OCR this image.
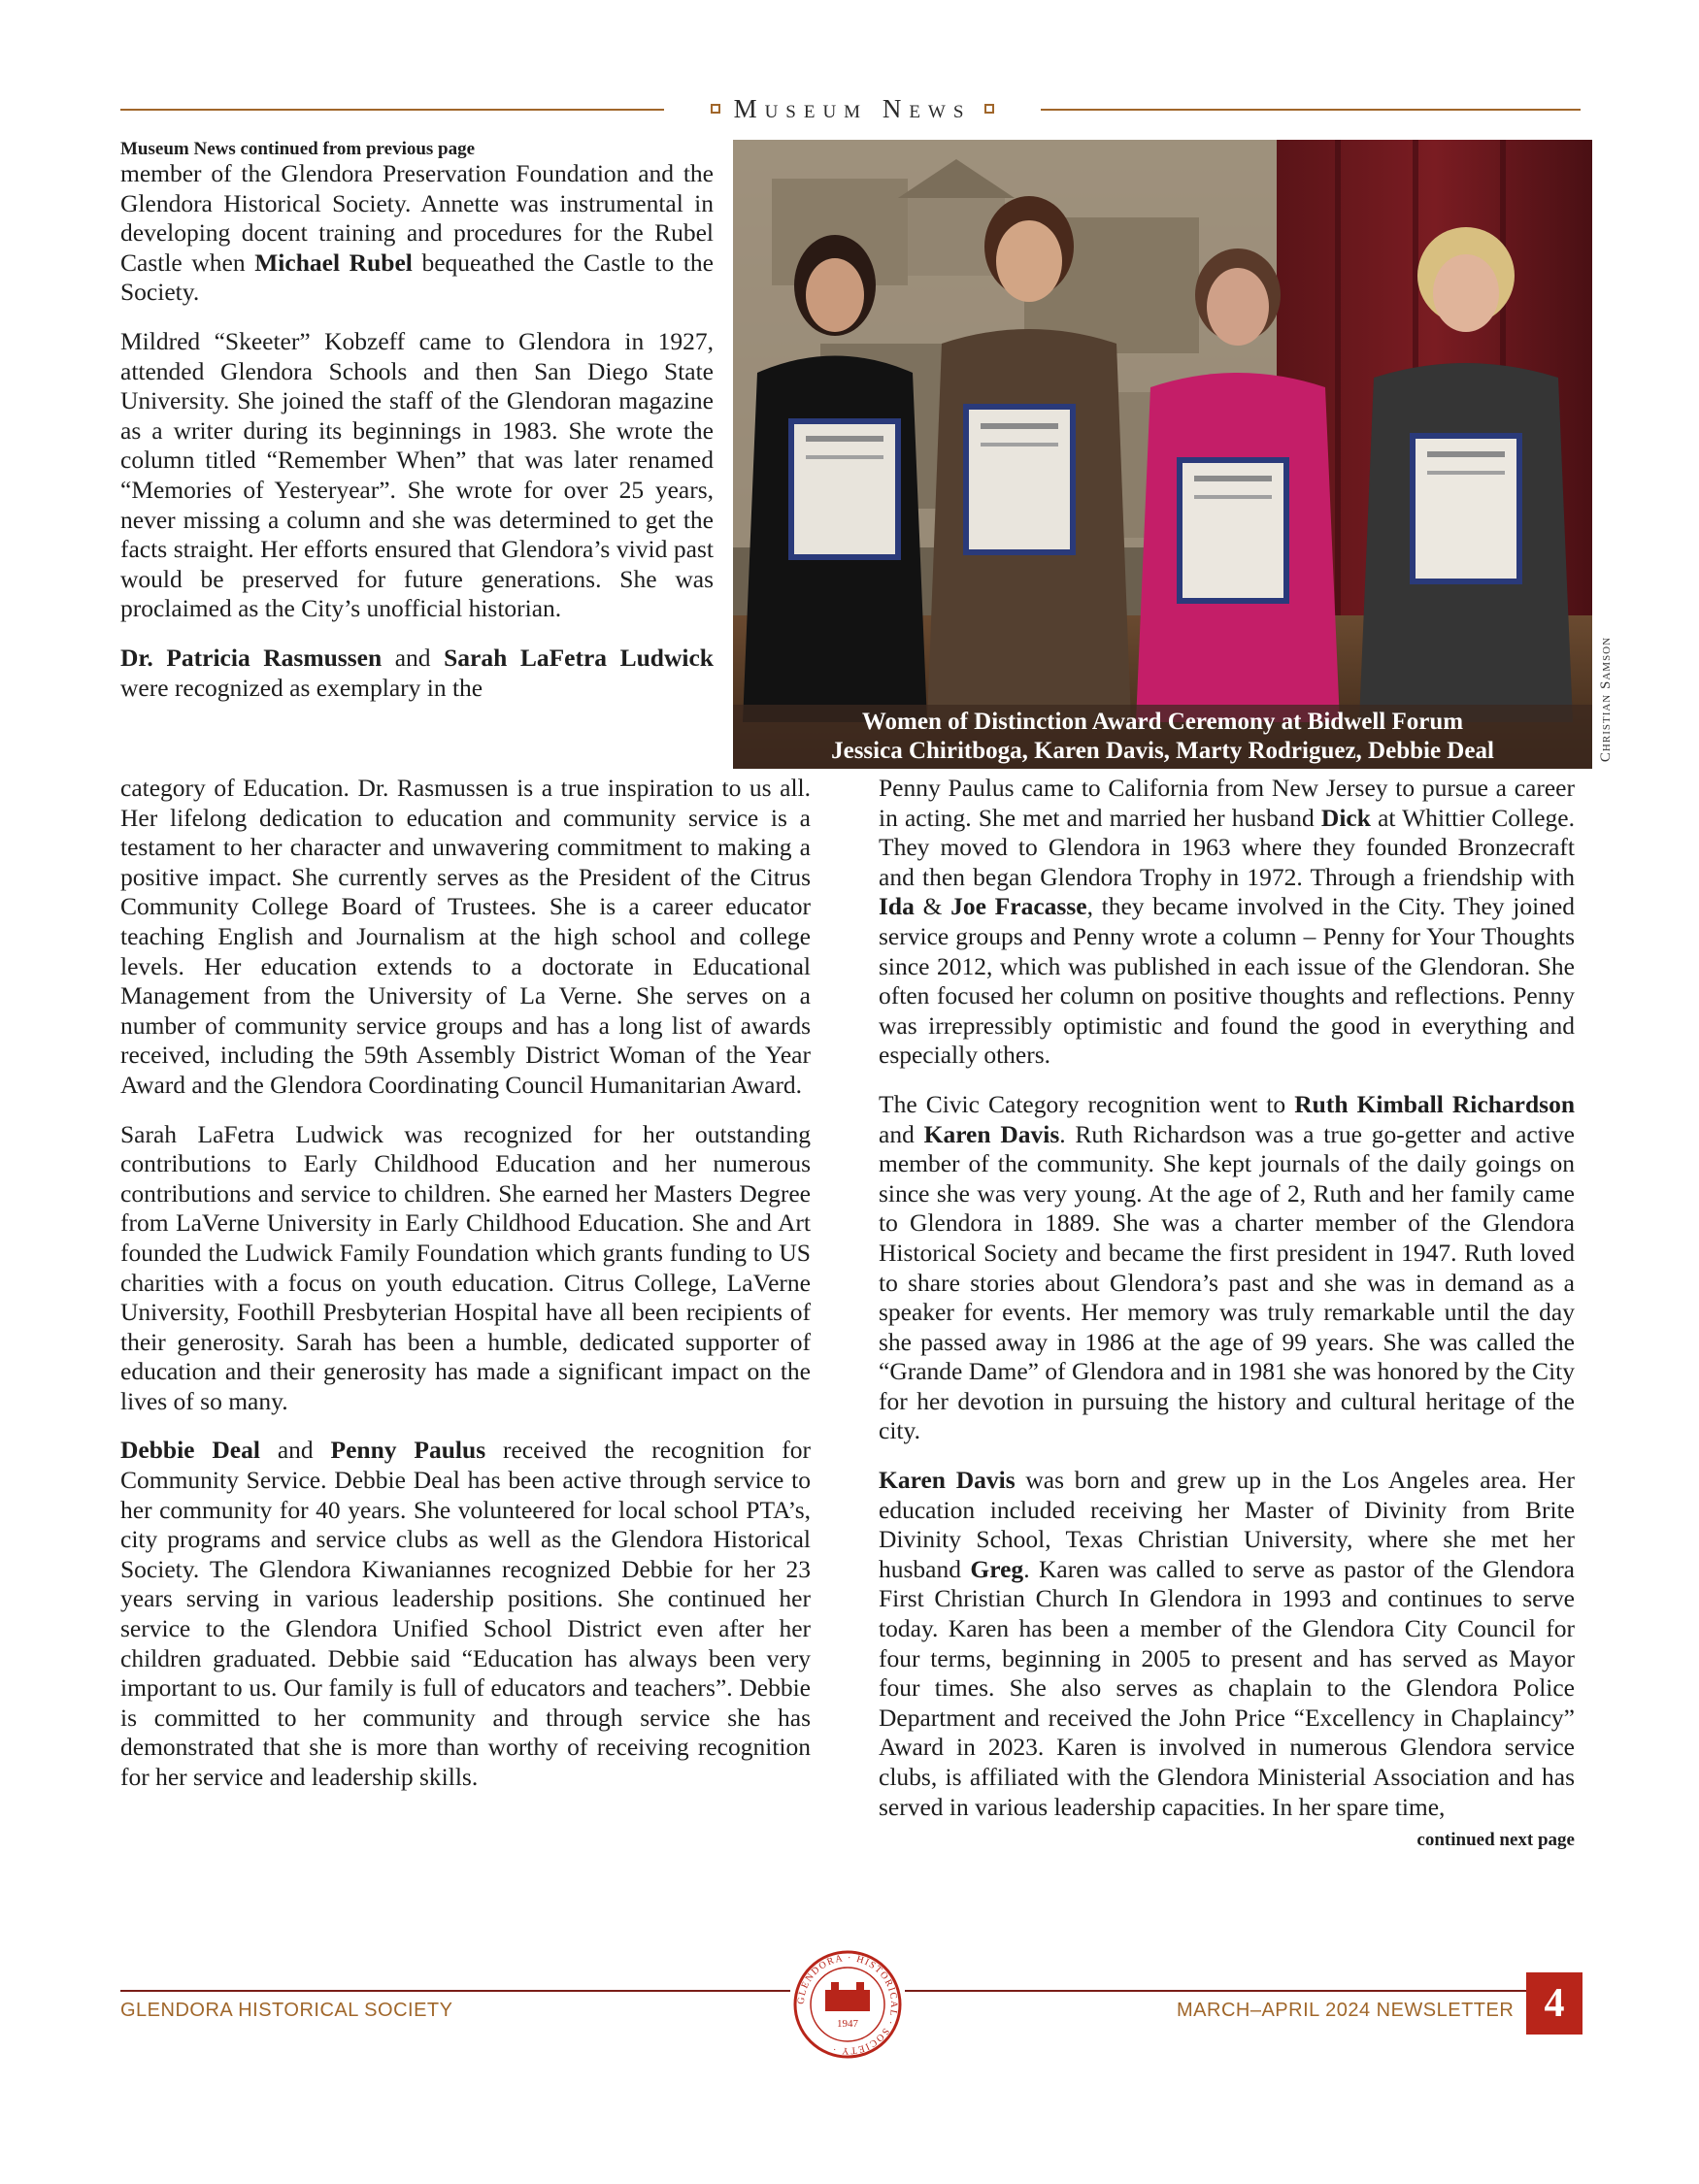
Museum News
Museum News continued from previous page

member of the Glendora Preservation Foundation and the Glendora Historical Society. Annette was instrumental in developing docent training and procedures for the Rubel Castle when Michael Rubel bequeathed the Castle to the Society.

Mildred “Skeeter” Kobzeff came to Glendora in 1927, attended Glendora Schools and then San Diego State University. She joined the staff of the Glendoran magazine as a writer during its beginnings in 1983. She wrote the column titled “Remember When” that was later renamed “Memories of Yesteryear”. She wrote for over 25 years, never missing a column and she was determined to get the facts straight. Her efforts ensured that Glendora’s vivid past would be preserved for future generations. She was proclaimed as the City’s unofficial historian.

Dr. Patricia Rasmussen and Sarah LaFetra Ludwick were recognized as exemplary in the

category of Education. Dr. Rasmussen is a true inspiration to us all. Her lifelong dedication to education and community service is a testament to her character and unwavering commitment to making a positive impact. She currently serves as the President of the Citrus Community College Board of Trustees. She is a career educator teaching English and Journalism at the high school and college levels. Her education extends to a doctorate in Educational Management from the University of La Verne. She serves on a number of community service groups and has a long list of awards received, including the 59th Assembly District Woman of the Year Award and the Glendora Coordinating Council Humanitarian Award.

Sarah LaFetra Ludwick was recognized for her outstanding contributions to Early Childhood Education and her numerous contributions and service to children. She earned her Masters Degree from LaVerne University in Early Childhood Education. She and Art founded the Ludwick Family Foundation which grants funding to US charities with a focus on youth education. Citrus College, LaVerne University, Foothill Presbyterian Hospital have all been recipients of their generosity. Sarah has been a humble, dedicated supporter of education and their generosity has made a significant impact on the lives of so many.

Debbie Deal and Penny Paulus received the recognition for Community Service. Debbie Deal has been active through service to her community for 40 years. She volunteered for local school PTA’s, city programs and service clubs as well as the Glendora Historical Society. The Glendora Kiwaniannes recognized Debbie for her 23 years serving in various leadership positions. She continued her service to the Glendora Unified School District even after her children graduated. Debbie said “Education has always been very important to us. Our family is full of educators and teachers”. Debbie is committed to her community and through service she has demonstrated that she is more than worthy of receiving recognition for her service and leadership skills.

Penny Paulus came to California from New Jersey to pursue a career in acting. She met and married her husband Dick at Whittier College. They moved to Glendora in 1963 where they founded Bronzecraft and then began Glendora Trophy in 1972. Through a friendship with Ida & Joe Fracasse, they became involved in the City. They joined service groups and Penny wrote a column – Penny for Your Thoughts since 2012, which was published in each issue of the Glendoran. She often focused her column on positive thoughts and reflections. Penny was irrepressibly optimistic and found the good in everything and especially others.

The Civic Category recognition went to Ruth Kimball Richardson and Karen Davis. Ruth Richardson was a true go-getter and active member of the community. She kept journals of the daily goings on since she was very young. At the age of 2, Ruth and her family came to Glendora in 1889. She was a charter member of the Glendora Historical Society and became the first president in 1947. Ruth loved to share stories about Glendora’s past and she was in demand as a speaker for events. Her memory was truly remarkable until the day she passed away in 1986 at the age of 99 years. She was called the “Grande Dame” of Glendora and in 1981 she was honored by the City for her devotion in pursuing the history and cultural heritage of the city.

Karen Davis was born and grew up in the Los Angeles area. Her education included receiving her Master of Divinity from Brite Divinity School, Texas Christian University, where she met her husband Greg. Karen was called to serve as pastor of the Glendora First Christian Church In Glendora in 1993 and continues to serve today. Karen has been a member of the Glendora City Council for four terms, beginning in 2005 to present and has served as Mayor four times. She also serves as chaplain to the Glendora Police Department and received the John Price “Excellency in Chaplaincy” Award in 2023. Karen is involved in numerous Glendora service clubs, is affiliated with the Glendora Ministerial Association and has served in various leadership capacities. In her spare time,
continued next page

Women of Distinction Award Ceremony at Bidwell Forum
Jessica Chiritboga, Karen Davis, Marty Rodriguez, Debbie Deal	Christian Samson
GLENDORA HISTORICAL SOCIETY	MARCH–APRIL 2024 NEWSLETTER 4
GLENDORA · HISTORICAL · SOCIETY ·
1947
